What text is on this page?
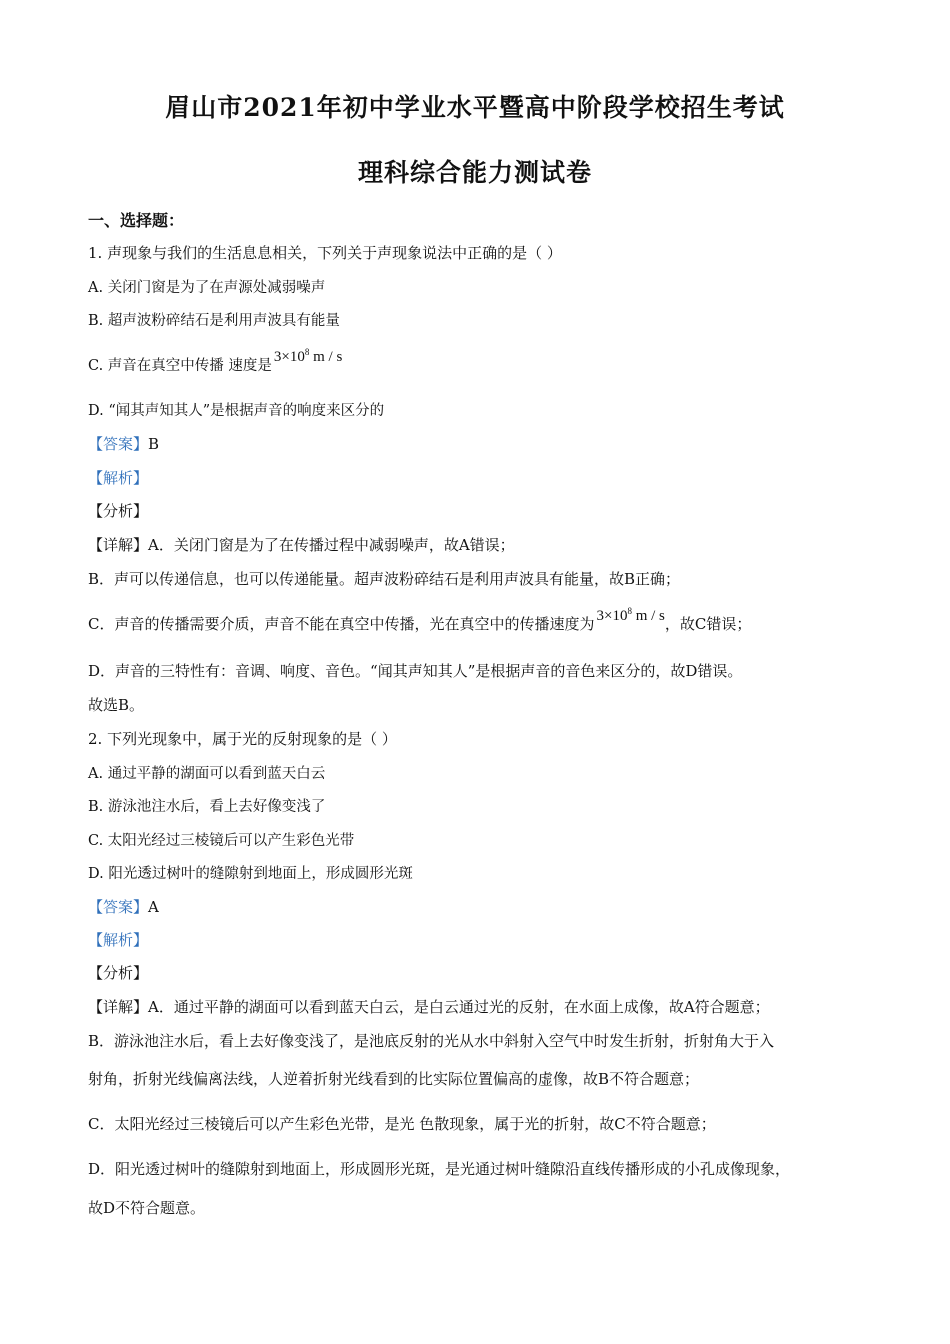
眉山市2021年初中学业水平暨高中阶段学校招生考试
理科综合能力测试卷
一、选择题：
1. 声现象与我们的生活息息相关，下列关于声现象说法中正确的是（ ）
A. 关闭门窗是为了在声源处减弱噪声
B. 超声波粉碎结石是利用声波具有能量
C. 声音在真空中传播 速度是$3\times 10^8$ m / s
D. “闻其声知其人”是根据声音的响度来区分的
【答案】B
【解析】
【分析】
【详解】A．关闭门窗是为了在传播过程中减弱噪声，故A错误；
B．声可以传递信息，也可以传递能量。超声波粉碎结石是利用声波具有能量，故B正确；
C．声音的传播需要介质，声音不能在真空中传播，光在真空中的传播速度为 $3\times 10^8$ m / s，故C错误；
D．声音的三特性有：音调、响度、音色。“闻其声知其人”是根据声音的音色来区分的，故D错误。
故选B。
2. 下列光现象中，属于光的反射现象的是（ ）
A. 通过平静的湖面可以看到蓝天白云
B. 游泳池注水后，看上去好像变浅了
C. 太阳光经过三棱镜后可以产生彩色光带
D. 阳光透过树叶的缝隙射到地面上，形成圆形光斑
【答案】A
【解析】
【分析】
【详解】A．通过平静的湖面可以看到蓝天白云，是白云通过光的反射，在水面上成像，故A符合题意；
B．游泳池注水后，看上去好像变浅了，是池底反射的光从水中斜射入空气中时发生折射，折射角大于入
射角，折射光线偏离法线，人逆着折射光线看到的比实际位置偏高的虚像，故B不符合题意；
C．太阳光经过三棱镜后可以产生彩色光带，是光 色散现象，属于光的折射，故C不符合题意；
D．阳光透过树叶的缝隙射到地面上，形成圆形光斑，是光通过树叶缝隙沿直线传播形成的小孔成像现象，
故D不符合题意。
